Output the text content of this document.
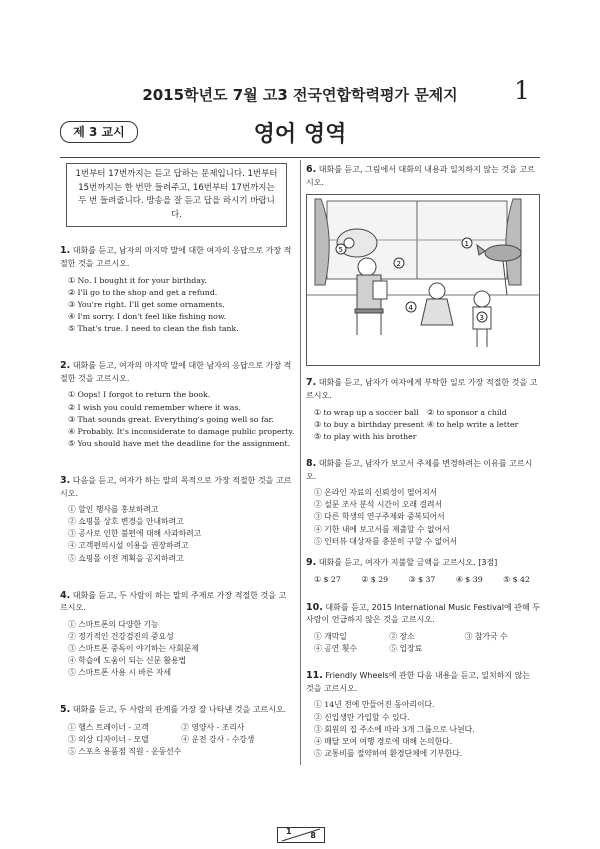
2015학년도 7월 고3 전국연합학력평가 문제지	1
제 3 교시	영어 영역
1번부터 17번까지는 듣고 답하는 문제입니다. 1번부터 15번까지는 한 번만 들려주고, 16번부터 17번까지는 두 번 들려줍니다. 방송을 잘 듣고 답을 하시기 바랍니다.
1. 대화를 듣고, 남자의 마지막 말에 대한 여자의 응답으로 가장 적절한 것을 고르시오.
① No. I bought it for your birthday.
② I'll go to the shop and get a refund.
③ You're right. I'll get some ornaments.
④ I'm sorry. I don't feel like fishing now.
⑤ That's true. I need to clean the fish tank.
2. 대화를 듣고, 여자의 마지막 말에 대한 남자의 응답으로 가장 적절한 것을 고르시오.
① Oops! I forgot to return the book.
② I wish you could remember where it was.
③ That sounds great. Everything's going well so far.
④ Probably. It's inconsiderate to damage public property.
⑤ You should have met the deadline for the assignment.
3. 다음을 듣고, 여자가 하는 말의 목적으로 가장 적절한 것을 고르시오.
① 할인 행사를 홍보하려고
② 쇼핑몰 상호 변경을 안내하려고
③ 공사로 인한 불편에 대해 사과하려고
④ 고객편의시설 이용을 권장하려고
⑤ 쇼핑몰 이전 계획을 공지하려고
4. 대화를 듣고, 두 사람이 하는 말의 주제로 가장 적절한 것을 고르시오.
① 스마트폰의 다양한 기능
② 정기적인 건강검진의 중요성
③ 스마트폰 중독이 야기하는 사회문제
④ 학습에 도움이 되는 신문 활용법
⑤ 스마트폰 사용 시 바른 자세
5. 대화를 듣고, 두 사람의 관계를 가장 잘 나타낸 것을 고르시오.
① 헬스 트레이너 - 고객	② 영양사 - 조리사
③ 의상 디자이너 - 모델	④ 운전 강사 - 수강생
⑤ 스포츠 용품점 직원 - 운동선수
6. 대화를 듣고, 그림에서 대화의 내용과 일치하지 않는 것을 고르시오.
5
1
2
4
3
7. 대화를 듣고, 남자가 여자에게 부탁한 일로 가장 적절한 것을 고르시오.
① to wrap up a soccer ball	② to sponsor a child
③ to buy a birthday present ④ to help write a letter
⑤ to play with his brother
8. 대화를 듣고, 남자가 보고서 주제를 변경하려는 이유를 고르시오.
① 온라인 자료의 신뢰성이 떨어져서
② 설문 조사 분석 시간이 오래 걸려서
③ 다른 학생의 연구주제와 중복되어서
④ 기한 내에 보고서를 제출할 수 없어서
⑤ 인터뷰 대상자를 충분히 구할 수 없어서
9. 대화를 듣고, 여자가 지불할 금액을 고르시오. [3점]
① $ 27	② $ 29	③ $ 37	④ $ 39	⑤ $ 42
10. 대화를 듣고, 2015 International Music Festival에 관해 두 사람이 언급하지 않은 것을 고르시오.
① 개막일	② 장소	③ 참가국 수
④ 공연 횟수	⑤ 입장료
11. Friendly Wheels에 관한 다음 내용을 듣고, 일치하지 않는 것을 고르시오.
① 14년 전에 만들어진 동아리이다.
② 신입생만 가입할 수 있다.
③ 회원의 집 주소에 따라 3개 그룹으로 나뉜다.
④ 매달 모여 여행 경로에 대해 논의한다.
⑤ 교통비를 절약하여 환경단체에 기부한다.
1 8
